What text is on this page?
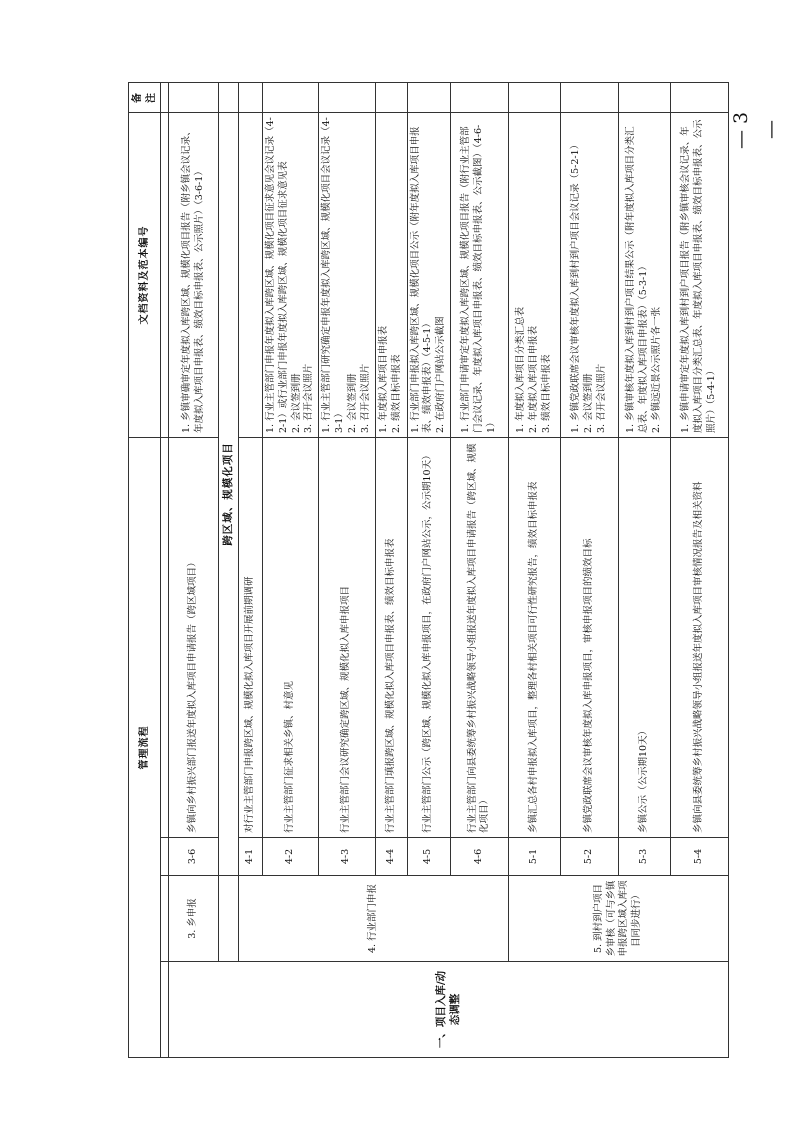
— 3 —
管理流程				文档资料及范本编号	备注

一、项目入库/动态调整	3. 乡申报	3-6	乡镇向乡村振兴部门报送年度拟入库项目申请报告（跨区域项目）	1. 乡镇审确审定年度拟入库跨区域、规模化项目报告（附乡镇会议记录、年度拟入库项目申报表、绩效目标申报表、公示照片）（3-6-1）	

		跨区域、规模化项目			
	4. 行业部门申报	4-1	对行业主管部门申报跨区域、规模化拟入库项目开展前期调研		
		4-2	行业主管部门征求相关乡镇、村意见	1. 行业主管部门申报年度拟入库跨区域、规模化项目征求意见会议记录（4-2-1）或行业部门申报年度拟入库跨区域、规模化项目征求意见表 2. 会议签到册 3. 召开会议照片	

		4-3	行业主管部门会议研究确定跨区域、规模化拟入库申报项目	1. 行业主管部门研究确定申报年度拟入库跨区域、规模化项目会议记录（4-3-1） 2. 会议签到册 3. 召开会议照片	

		4-4	行业主管部门填报跨区域、规模化拟入库项目申报表、绩效目标申报表	1. 年度拟入库项目申报表 2. 绩效目标申报表	

		4-5	行业主管部门公示（跨区域、规模化拟入库申报项目，在政府门户网站公示，公示期10天）	1. 行业部门申报拟入库跨区域、规模化项目公示（附年度拟入库项目申报表、绩效申报表）（4-5-1） 2. 在政府门户网站公示截图	

		4-6	行业主管部门向县委统筹乡村振兴战略领导小组报送年度拟入库项目申请报告（跨区域、规模化项目）	1. 行业部门申请审定年度拟入库跨区域、规模化项目报告（附行业主管部门会议记录、年度拟入库项目申报表、绩效目标申报表、公示截图）（4-6-1）	

	5. 到村到户项目乡审核（可与乡镇申报跨区域入库项目同步进行）	5-1	乡镇汇总各村申报拟入库项目，整理各村相关项目可行性研究报告，绩效目标申报表	1. 年度拟入库项目分类汇总表 2. 年度拟入库项目申报表 3. 绩效目标申报表	

		5-2	乡镇党政联席会议审核年度拟入库申报项目，审核申报项目的绩效目标	1. 乡镇党政联席会议审核年度拟入库到村到户项目会议记录（5-2-1） 2. 会议签到册 3. 召开会议照片	

		5-3	乡镇公示（公示期10天）	1. 乡镇审核年度拟入库到村到户项目结果公示（附年度拟入库项目分类汇总表、年度拟入库项目申报表）（5-3-1） 2. 乡镇远近景公示照片各一张	

		5-4	乡镇向县委统筹乡村振兴战略领导小组报送年度拟入库项目审核情况报告及相关资料	1. 乡镇申请审定年度拟入库到村到户项目报告（附乡镇审核会议记录、年度拟入库项目分类汇总表、年度拟入库项目申报表、绩效目标申报表、公示照片）（5-4-1）	
